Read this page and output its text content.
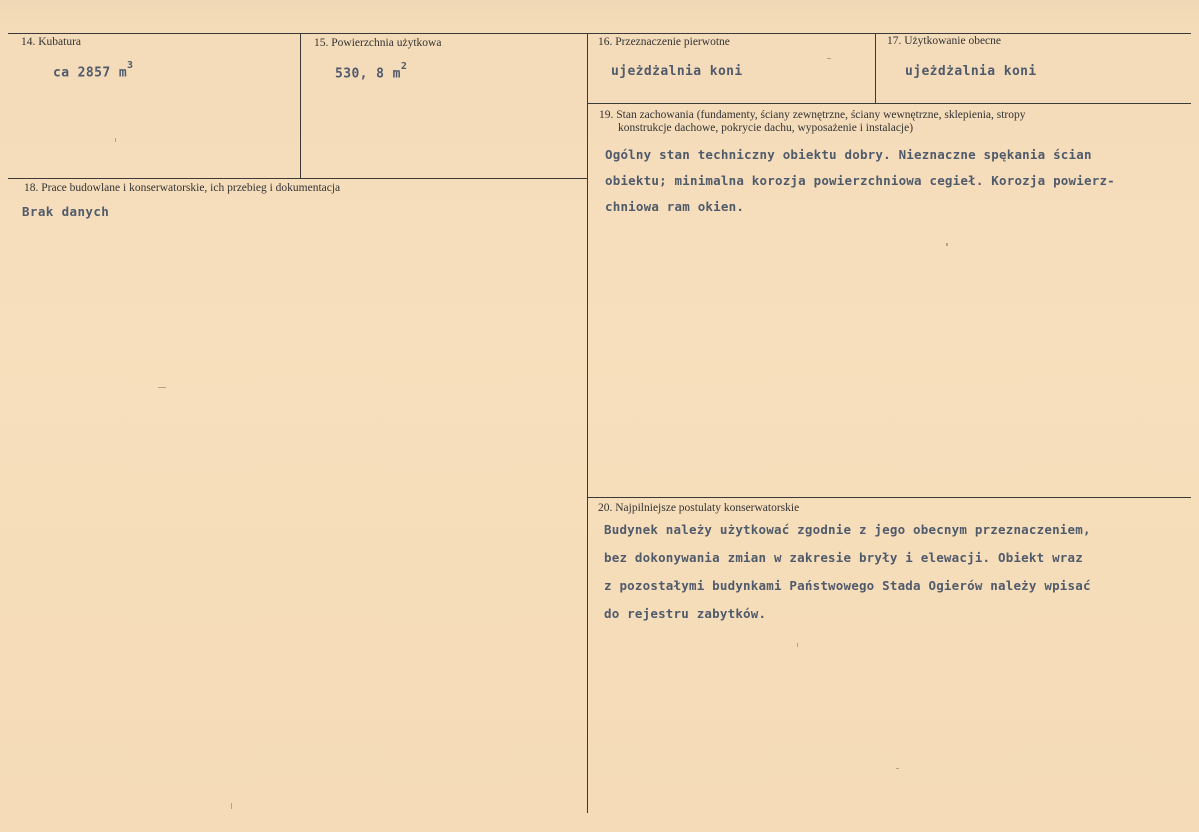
14. Kubatura
ca 2857 $m^3$
15. Powierzchnia użytkowa
530, 8 $m^2$
16. Przeznaczenie pierwotne
ujeżdżalnia koni
17. Użytkowanie obecne
ujeżdżalnia koni
18. Prace budowlane i konserwatorskie, ich przebieg i dokumentacja
Brak danych
19. Stan zachowania (fundamenty, ściany zewnętrzne, ściany wewnętrzne, sklepienia, stropy
konstrukcje dachowe, pokrycie dachu, wyposażenie i instalacje)
Ogólny stan techniczny obiektu dobry. Nieznaczne spękania ścian
obiektu; minimalna korozja powierzchniowa cegieł. Korozja powierz-
chniowa ram okien.
20. Najpilniejsze postulaty konserwatorskie
Budynek należy użytkować zgodnie z jego obecnym przeznaczeniem,
bez dokonywania zmian w zakresie bryły i elewacji. Obiekt wraz
z pozostałymi budynkami Państwowego Stada Ogierów należy wpisać
do rejestru zabytków.
